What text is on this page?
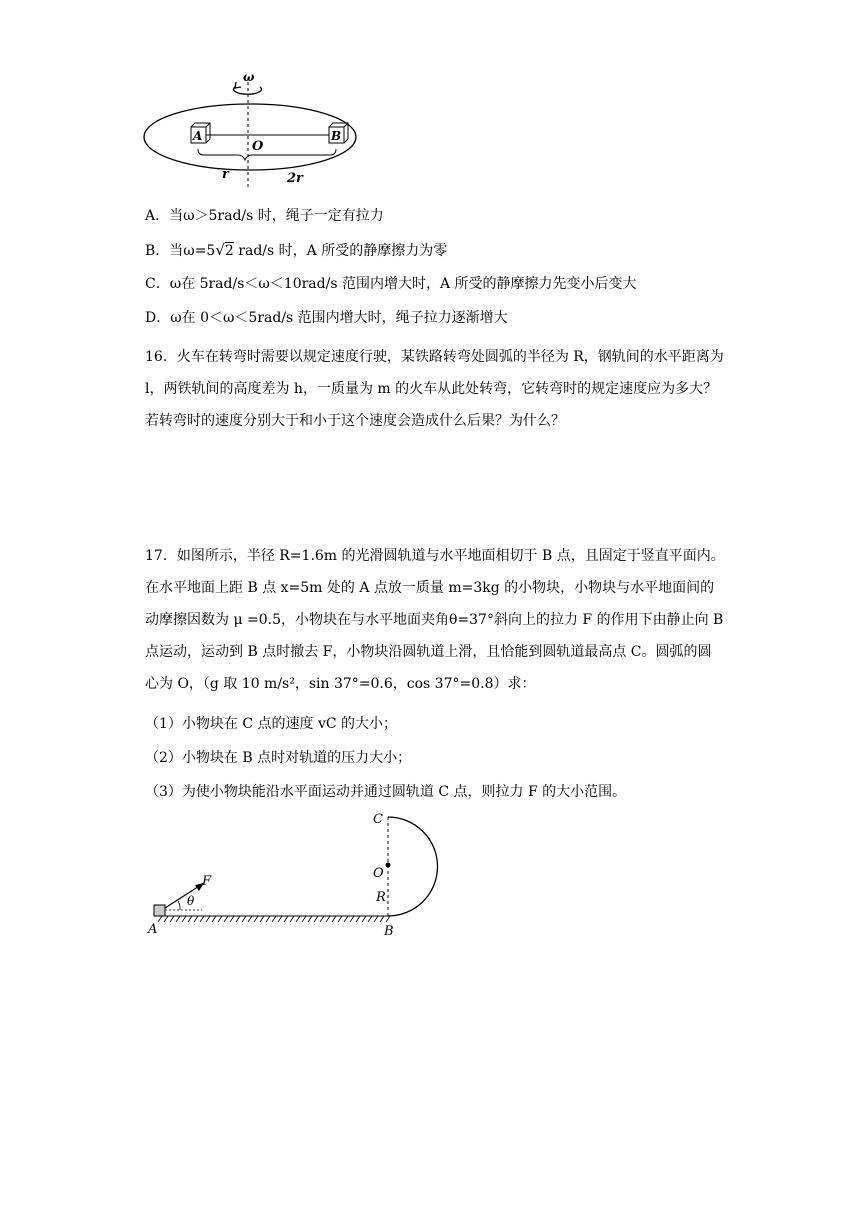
ω
A	B
O
r	2r
A．当ω＞5rad/s 时，绳子一定有拉力
B．当ω=5√2 rad/s 时，A 所受的静摩擦力为零
C．ω在 5rad/s＜ω＜10rad/s 范围内增大时，A 所受的静摩擦力先变小后变大
D．ω在 0＜ω＜5rad/s 范围内增大时，绳子拉力逐渐增大
16．火车在转弯时需要以规定速度行驶，某铁路转弯处圆弧的半径为 R，钢轨间的水平距离为 l，两铁轨间的高度差为 h，一质量为 m 的火车从此处转弯，它转弯时的规定速度应为多大？若转弯时的速度分别大于和小于这个速度会造成什么后果？为什么？
17．如图所示，半径 R=1.6m 的光滑圆轨道与水平地面相切于 B 点，且固定于竖直平面内。在水平地面上距 B 点 x=5m 处的 A 点放一质量 m=3kg 的小物块，小物块与水平地面间的动摩擦因数为 μ =0.5，小物块在与水平地面夹角θ=37°斜向上的拉力 F 的作用下由静止向 B 点运动，运动到 B 点时撤去 F，小物块沿圆轨道上滑，且恰能到圆轨道最高点 C。圆弧的圆心为 O，（g 取 10 m/s²，sin 37°=0.6，cos 37°=0.8）求：
（1）小物块在 C 点的速度 vC 的大小；
（2）小物块在 B 点时对轨道的压力大小；
（3）为使小物块能沿水平面运动并通过圆轨道 C 点，则拉力 F 的大小范围。
F
θ
C
O
R
B
A
